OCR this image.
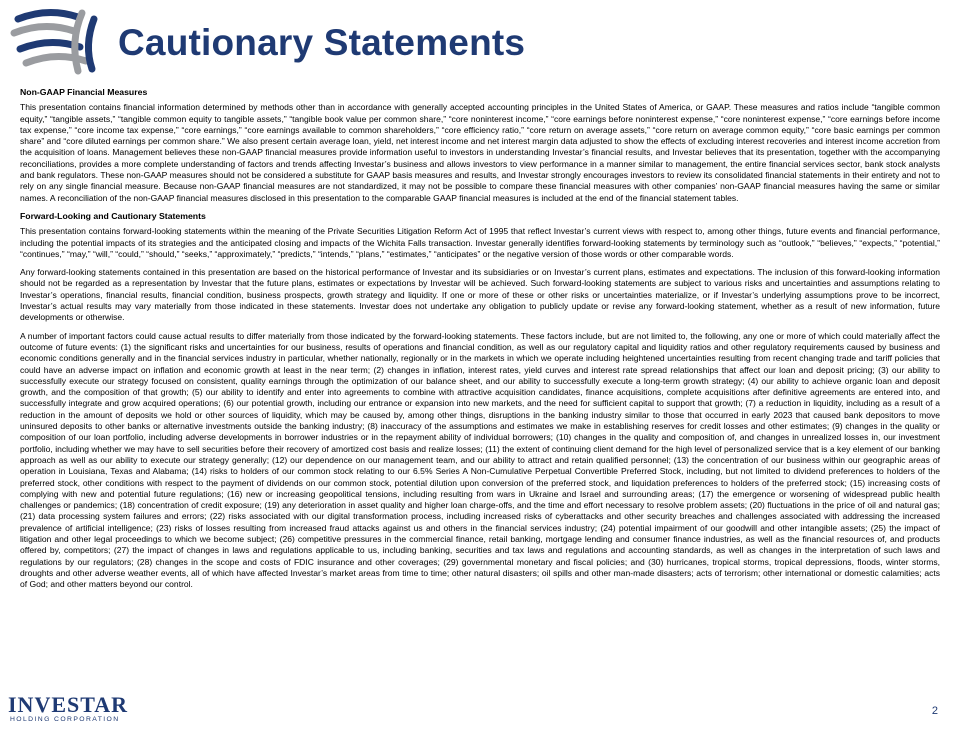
Cautionary Statements
Non-GAAP Financial Measures

This presentation contains financial information determined by methods other than in accordance with generally accepted accounting principles in the United States of America, or GAAP. These measures and ratios include “tangible common equity,” “tangible assets,” “tangible common equity to tangible assets,” “tangible book value per common share,” “core noninterest income,” “core earnings before noninterest expense,” “core noninterest expense,” “core earnings before income tax expense,” “core income tax expense,” “core earnings,” “core earnings available to common shareholders,” “core efficiency ratio,” “core return on average assets,” “core return on average common equity,” “core basic earnings per common share” and “core diluted earnings per common share.” We also present certain average loan, yield, net interest income and net interest margin data adjusted to show the effects of excluding interest recoveries and interest income accretion from the acquisition of loans. Management believes these non-GAAP financial measures provide information useful to investors in understanding Investar’s financial results, and Investar believes that its presentation, together with the accompanying reconciliations, provides a more complete understanding of factors and trends affecting Investar’s business and allows investors to view performance in a manner similar to management, the entire financial services sector, bank stock analysts and bank regulators. These non-GAAP measures should not be considered a substitute for GAAP basis measures and results, and Investar strongly encourages investors to review its consolidated financial statements in their entirety and not to rely on any single financial measure. Because non-GAAP financial measures are not standardized, it may not be possible to compare these financial measures with other companies’ non-GAAP financial measures having the same or similar names. A reconciliation of the non-GAAP financial measures disclosed in this presentation to the comparable GAAP financial measures is included at the end of the financial statement tables.

Forward-Looking and Cautionary Statements

This presentation contains forward-looking statements within the meaning of the Private Securities Litigation Reform Act of 1995 that reflect Investar’s current views with respect to, among other things, future events and financial performance, including the potential impacts of its strategies and the anticipated closing and impacts of the Wichita Falls transaction. Investar generally identifies forward-looking statements by terminology such as “outlook,” “believes,” “expects,” “potential,” “continues,” “may,” “will,” “could,” “should,” “seeks,” “approximately,” “predicts,” “intends,” “plans,” “estimates,” “anticipates” or the negative version of those words or other comparable words.

Any forward-looking statements contained in this presentation are based on the historical performance of Investar and its subsidiaries or on Investar’s current plans, estimates and expectations. The inclusion of this forward-looking information should not be regarded as a representation by Investar that the future plans, estimates or expectations by Investar will be achieved. Such forward-looking statements are subject to various risks and uncertainties and assumptions relating to Investar’s operations, financial results, financial condition, business prospects, growth strategy and liquidity. If one or more of these or other risks or uncertainties materialize, or if Investar’s underlying assumptions prove to be incorrect, Investar’s actual results may vary materially from those indicated in these statements. Investar does not undertake any obligation to publicly update or revise any forward-looking statement, whether as a result of new information, future developments or otherwise.

A number of important factors could cause actual results to differ materially from those indicated by the forward-looking statements. These factors include, but are not limited to, the following, any one or more of which could materially affect the outcome of future events: (1) the significant risks and uncertainties for our business, results of operations and financial condition, as well as our regulatory capital and liquidity ratios and other regulatory requirements caused by business and economic conditions generally and in the financial services industry in particular, whether nationally, regionally or in the markets in which we operate including heightened uncertainties resulting from recent changing trade and tariff policies that could have an adverse impact on inflation and economic growth at least in the near term; (2) changes in inflation, interest rates, yield curves and interest rate spread relationships that affect our loan and deposit pricing; (3) our ability to successfully execute our strategy focused on consistent, quality earnings through the optimization of our balance sheet, and our ability to successfully execute a long-term growth strategy; (4) our ability to achieve organic loan and deposit growth, and the composition of that growth; (5) our ability to identify and enter into agreements to combine with attractive acquisition candidates, finance acquisitions, complete acquisitions after definitive agreements are entered into, and successfully integrate and grow acquired operations; (6) our potential growth, including our entrance or expansion into new markets, and the need for sufficient capital to support that growth; (7) a reduction in liquidity, including as a result of a reduction in the amount of deposits we hold or other sources of liquidity, which may be caused by, among other things, disruptions in the banking industry similar to those that occurred in early 2023 that caused bank depositors to move uninsured deposits to other banks or alternative investments outside the banking industry; (8) inaccuracy of the assumptions and estimates we make in establishing reserves for credit losses and other estimates; (9) changes in the quality or composition of our loan portfolio, including adverse developments in borrower industries or in the repayment ability of individual borrowers; (10) changes in the quality and composition of, and changes in unrealized losses in, our investment portfolio, including whether we may have to sell securities before their recovery of amortized cost basis and realize losses; (11) the extent of continuing client demand for the high level of personalized service that is a key element of our banking approach as well as our ability to execute our strategy generally; (12) our dependence on our management team, and our ability to attract and retain qualified personnel; (13) the concentration of our business within our geographic areas of operation in Louisiana, Texas and Alabama; (14) risks to holders of our common stock relating to our 6.5% Series A Non-Cumulative Perpetual Convertible Preferred Stock, including, but not limited to dividend preferences to holders of the preferred stock, other conditions with respect to the payment of dividends on our common stock, potential dilution upon conversion of the preferred stock, and liquidation preferences to holders of the preferred stock; (15) increasing costs of complying with new and potential future regulations; (16) new or increasing geopolitical tensions, including resulting from wars in Ukraine and Israel and surrounding areas; (17) the emergence or worsening of widespread public health challenges or pandemics; (18) concentration of credit exposure; (19) any deterioration in asset quality and higher loan charge-offs, and the time and effort necessary to resolve problem assets; (20) fluctuations in the price of oil and natural gas; (21) data processing system failures and errors; (22) risks associated with our digital transformation process, including increased risks of cyberattacks and other security breaches and challenges associated with addressing the increased prevalence of artificial intelligence; (23) risks of losses resulting from increased fraud attacks against us and others in the financial services industry; (24) potential impairment of our goodwill and other intangible assets; (25) the impact of litigation and other legal proceedings to which we become subject; (26) competitive pressures in the commercial finance, retail banking, mortgage lending and consumer finance industries, as well as the financial resources of, and products offered by, competitors; (27) the impact of changes in laws and regulations applicable to us, including banking, securities and tax laws and regulations and accounting standards, as well as changes in the interpretation of such laws and regulations by our regulators; (28) changes in the scope and costs of FDIC insurance and other coverages; (29) governmental monetary and fiscal policies; and (30) hurricanes, tropical storms, tropical depressions, floods, winter storms, droughts and other adverse weather events, all of which have affected Investar’s market areas from time to time; other natural disasters; oil spills and other man-made disasters; acts of terrorism; other international or domestic calamities; acts of God; and other matters beyond our control.

INVESTAR
HOLDING CORPORATION
2
